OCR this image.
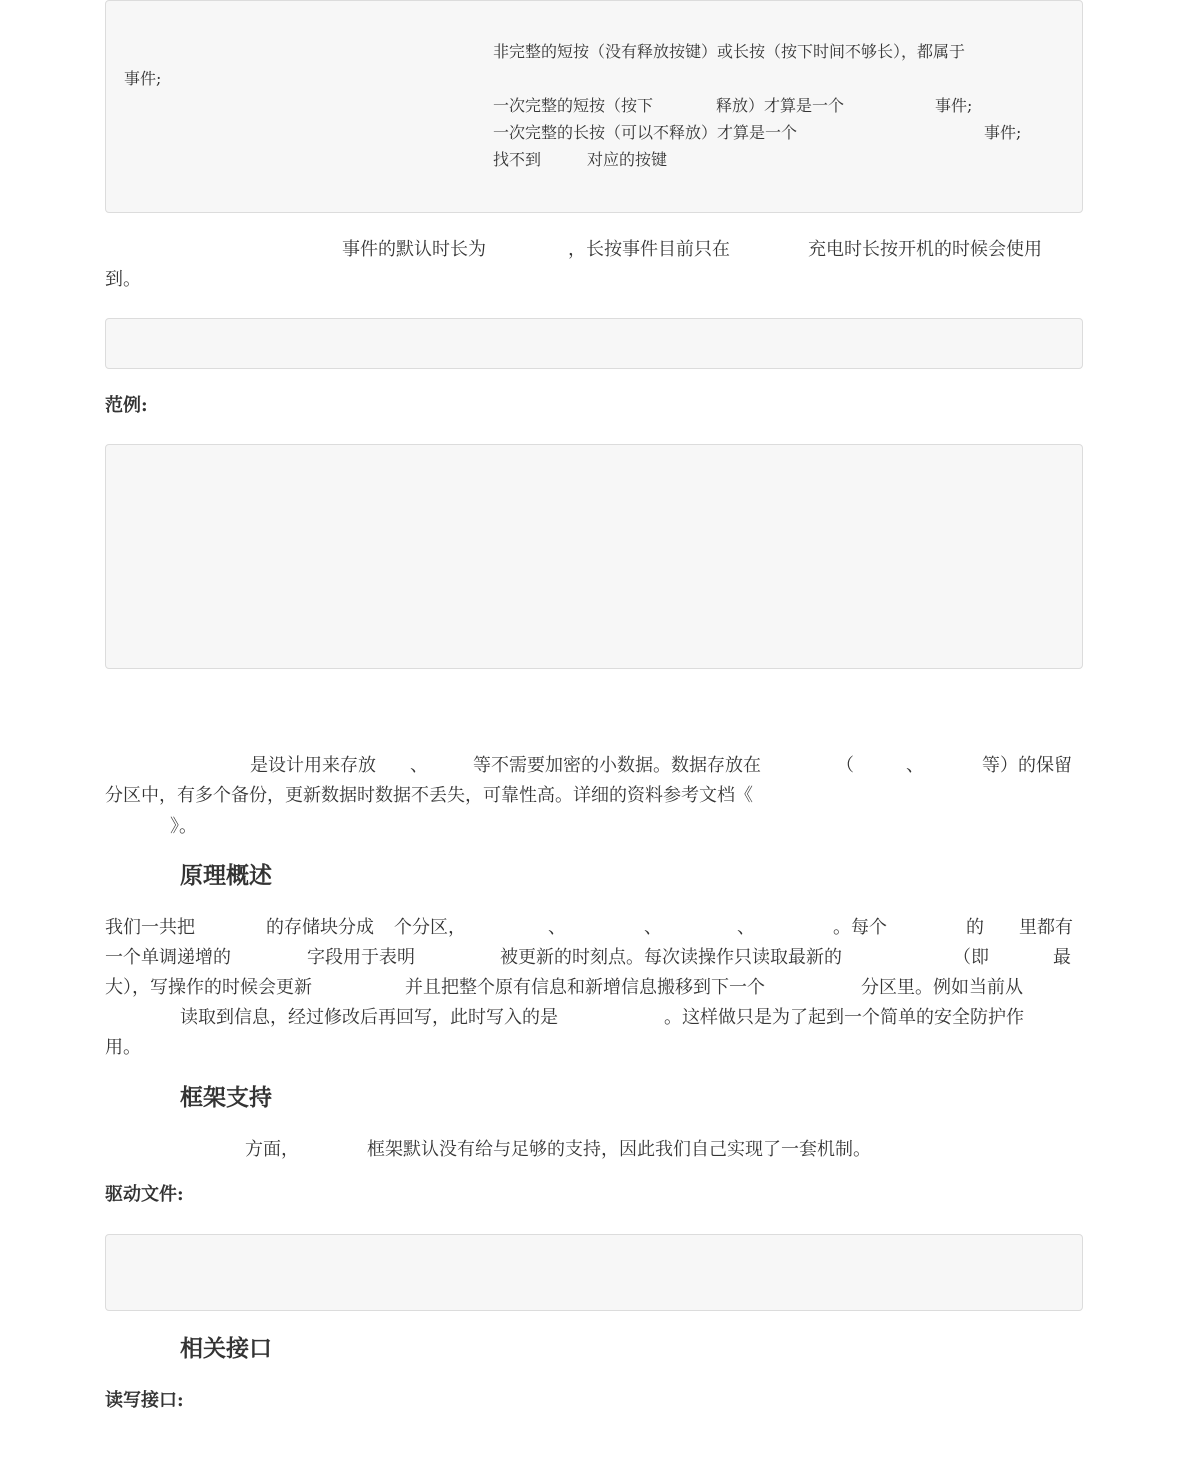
非完整的短按（没有释放按键）或长按（按下时间不够长），都属于
事件;
一次完整的短按（按下	释放）才算是一个	事件;
一次完整的长按（可以不释放）才算是一个	事件;
找不到	对应的按键
事件的默认时长为	，长按事件目前只在	充电时长按开机的时候会使用
到。
范例:
是设计用来存放 、	等不需要加密的小数据。数据存放在	（	、	等）的保留
分区中，有多个备份，更新数据时数据不丢失，可靠性高。详细的资料参考文档《
》。
原理概述
我们一共把	的存储块分成 个分区，	、	、	、	。每个	的 里都有
一个单调递增的	字段用于表明	被更新的时刻点。每次读操作只读取最新的	（即	最
大），写操作的时候会更新	并且把整个原有信息和新增信息搬移到下一个	分区里。例如当前从
读取到信息，经过修改后再回写，此时写入的是	。这样做只是为了起到一个简单的安全防护作
用。
框架支持
方面，	框架默认没有给与足够的支持，因此我们自己实现了一套机制。
驱动文件:
相关接口
读写接口:
